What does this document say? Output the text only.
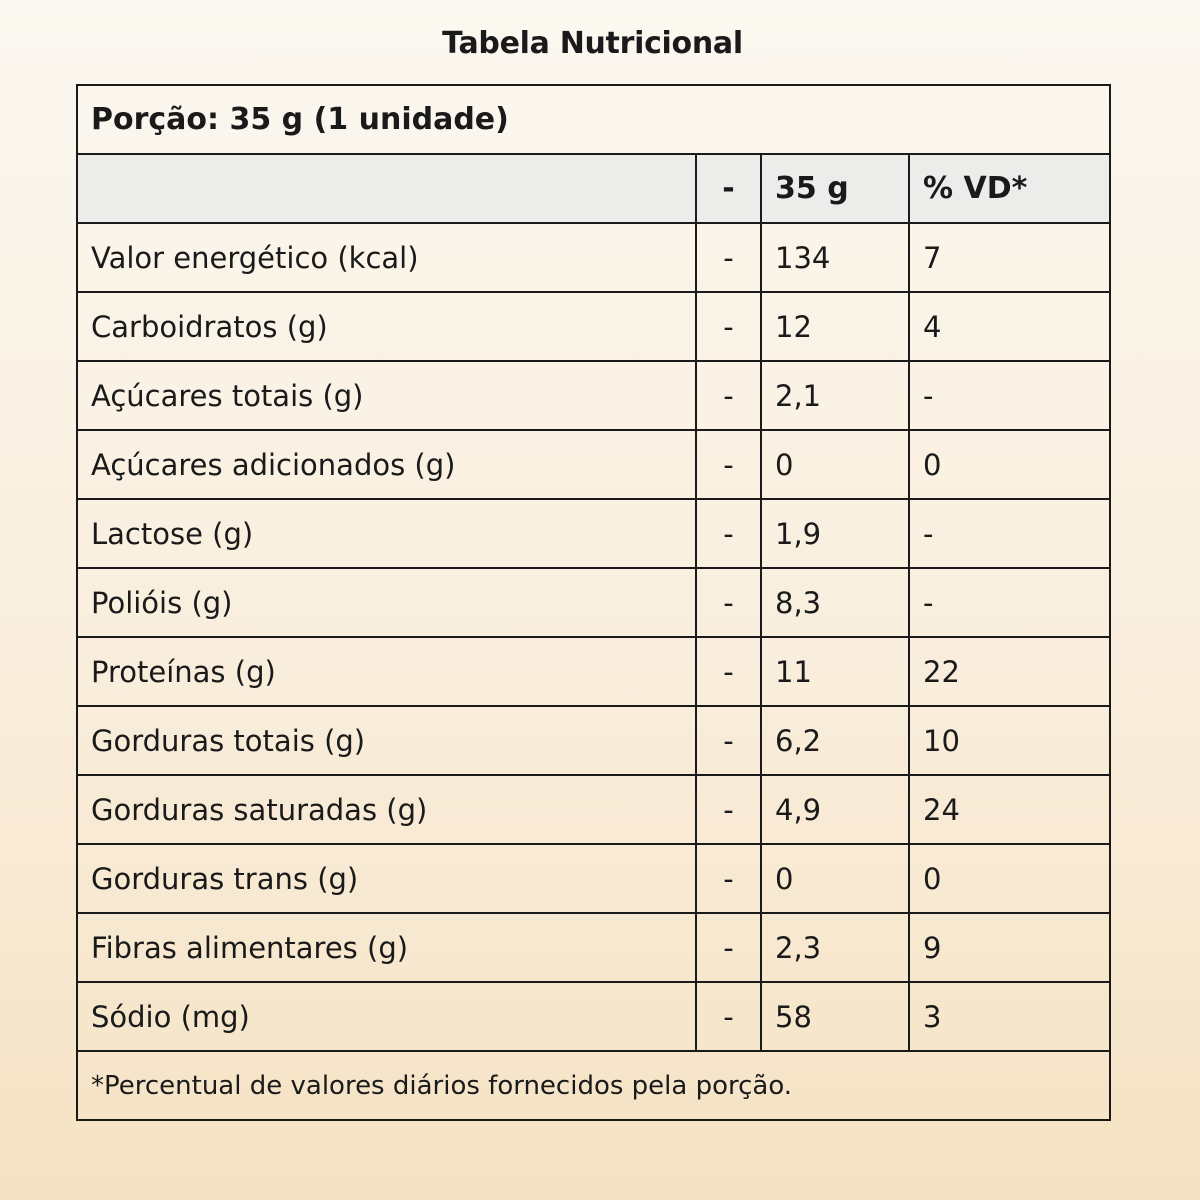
Tabela Nutricional
Porção: 35 g (1 unidade)			
	-	35 g	% VD*
Valor energético (kcal)	-	134	7
Carboidratos (g)	-	12	4
Açúcares totais (g)	-	2,1	-
Açúcares adicionados (g)	-	0	0
Lactose (g)	-	1,9	-
Polióis (g)	-	8,3	-
Proteínas (g)	-	11	22
Gorduras totais (g)	-	6,2	10
Gorduras saturadas (g)	-	4,9	24
Gorduras trans (g)	-	0	0
Fibras alimentares (g)	-	2,3	9
Sódio (mg)	-	58	3
*Percentual de valores diários fornecidos pela porção.			
